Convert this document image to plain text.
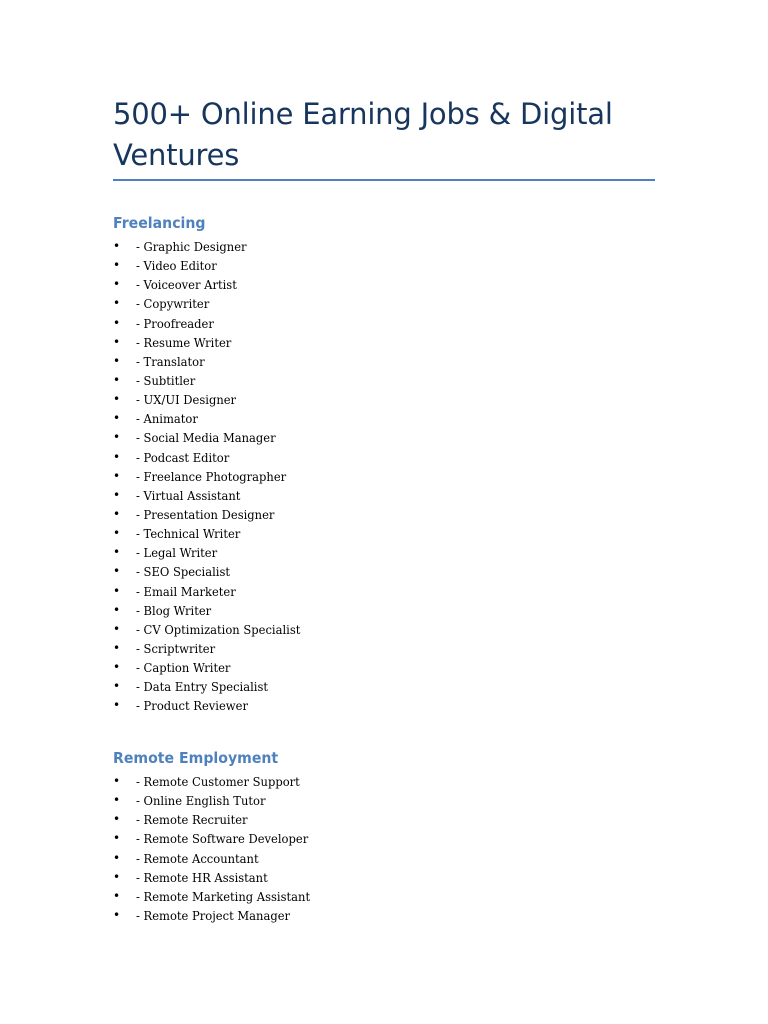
500+ Online Earning Jobs & Digital Ventures
Freelancing
• - Graphic Designer
• - Video Editor
• - Voiceover Artist
• - Copywriter
• - Proofreader
• - Resume Writer
• - Translator
• - Subtitler
• - UX/UI Designer
• - Animator
• - Social Media Manager
• - Podcast Editor
• - Freelance Photographer
• - Virtual Assistant
• - Presentation Designer
• - Technical Writer
• - Legal Writer
• - SEO Specialist
• - Email Marketer
• - Blog Writer
• - CV Optimization Specialist
• - Scriptwriter
• - Caption Writer
• - Data Entry Specialist
• - Product Reviewer
Remote Employment
• - Remote Customer Support
• - Online English Tutor
• - Remote Recruiter
• - Remote Software Developer
• - Remote Accountant
• - Remote HR Assistant
• - Remote Marketing Assistant
• - Remote Project Manager
